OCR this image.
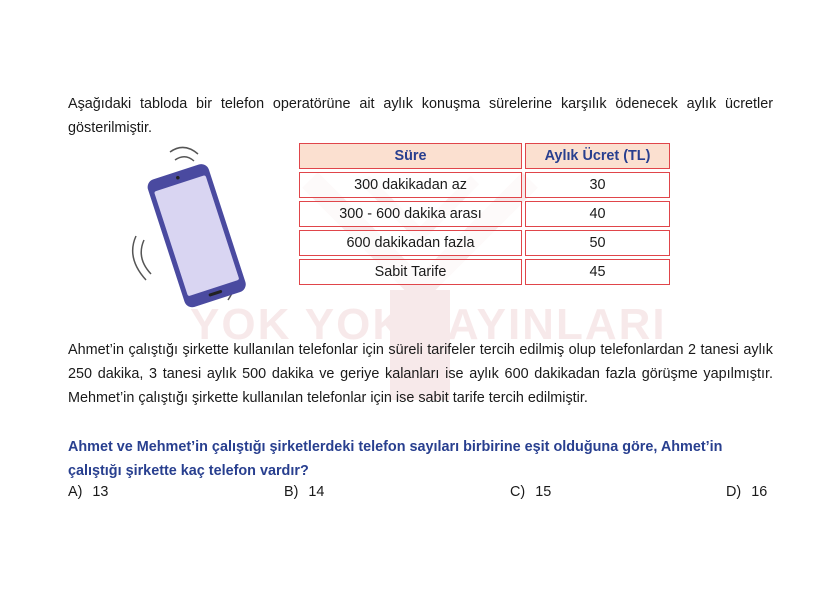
YOK YOK YAYINLARI
Aşağıdaki tabloda bir telefon operatörüne ait aylık konuşma sürelerine karşılık ödenecek aylık ücretler gösterilmiştir.
Süre	Aylık Ücret (TL)
300 dakikadan az	30
300 - 600 dakika arası	40
600 dakikadan fazla	50
Sabit Tarife	45
Ahmet’in çalıştığı şirkette kullanılan telefonlar için süreli tarifeler tercih edilmiş olup telefonlardan 2 tanesi aylık 250 dakika, 3 tanesi aylık 500 dakika ve geriye kalanları ise aylık 600 dakikadan fazla görüşme yapılmıştır. Mehmet’in çalıştığı şirkette kullanılan telefonlar için ise sabit tarife tercih edilmiştir.
Ahmet ve Mehmet’in çalıştığı şirketlerdeki telefon sayıları birbirine eşit olduğuna göre, Ahmet’in çalıştığı şirkette kaç telefon vardır?
A) 13	B) 14	C) 15	D) 16
